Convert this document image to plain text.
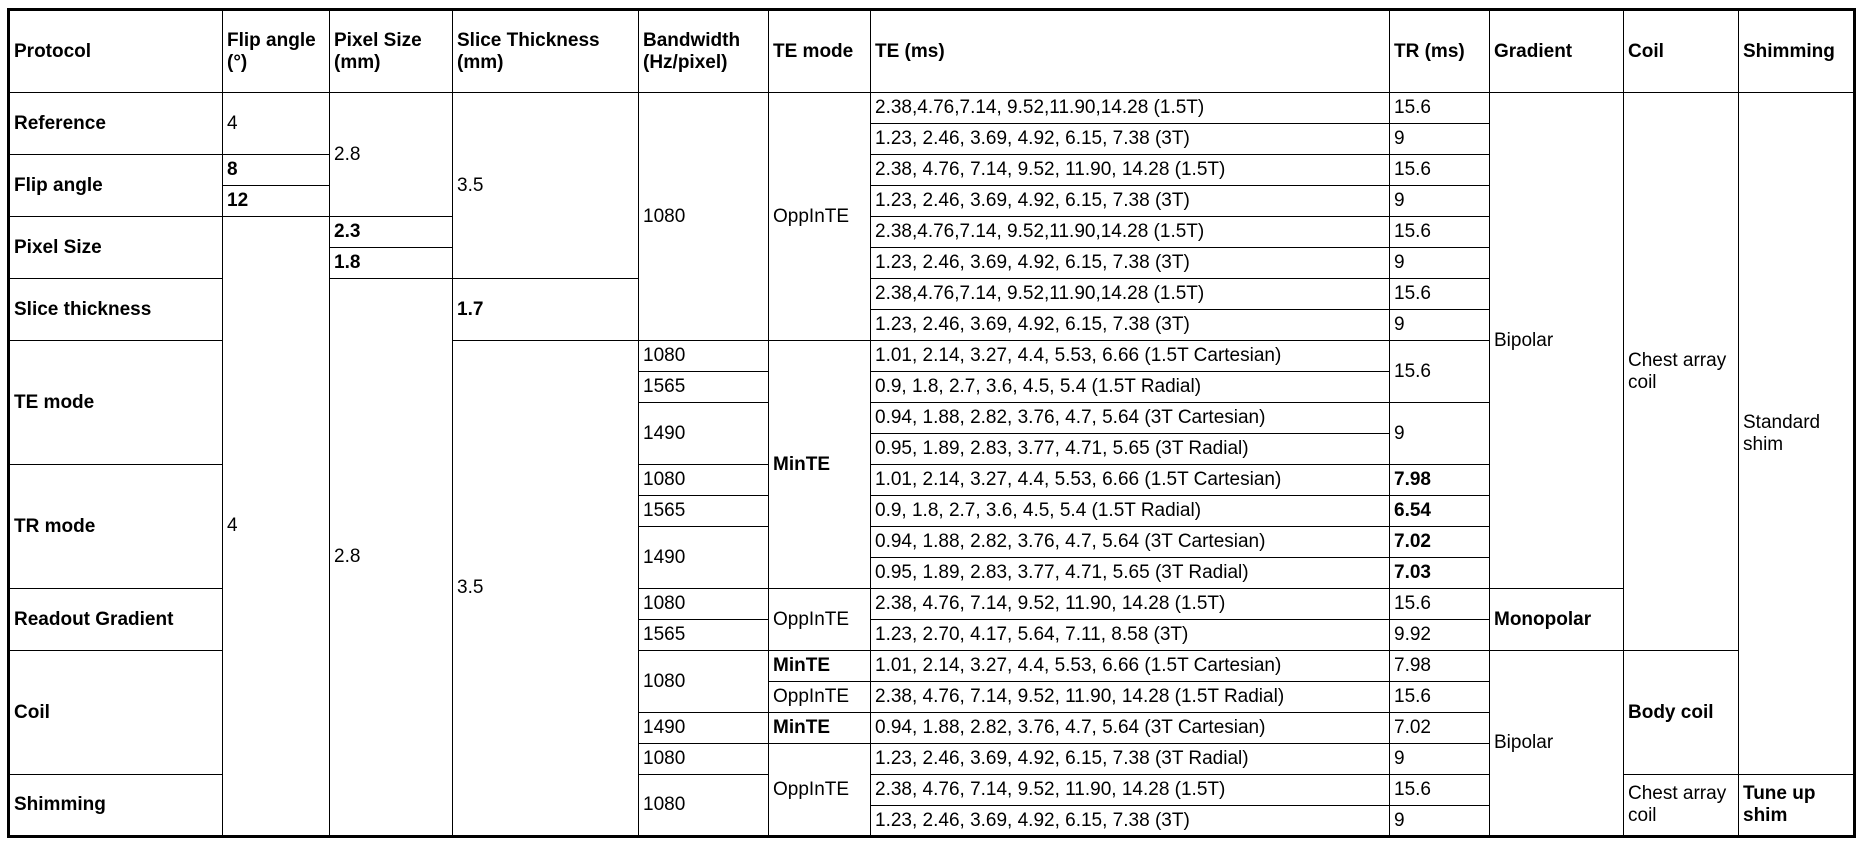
Protocol	Flip angle (°)	Pixel Size (mm)	Slice Thickness (mm)	Bandwidth (Hz/pixel)	TE mode	TE (ms)	TR (ms)	Gradient	Coil	Shimming
Reference	4	2.8	3.5	1080	OppInTE	2.38,4.76,7.14, 9.52,11.90,14.28 (1.5T)	15.6	Bipolar	Chest array coil	Standard shim
						1.23, 2.46, 3.69, 4.92, 6.15, 7.38 (3T)	9			
Flip angle	8					2.38, 4.76, 7.14, 9.52, 11.90, 14.28 (1.5T)	15.6			
	12					1.23, 2.46, 3.69, 4.92, 6.15, 7.38 (3T)	9			
Pixel Size	4	2.3				2.38,4.76,7.14, 9.52,11.90,14.28 (1.5T)	15.6			
		1.8				1.23, 2.46, 3.69, 4.92, 6.15, 7.38 (3T)	9			
Slice thickness		2.8	1.7			2.38,4.76,7.14, 9.52,11.90,14.28 (1.5T)	15.6			
						1.23, 2.46, 3.69, 4.92, 6.15, 7.38 (3T)	9			
TE mode			3.5	1080	MinTE	1.01, 2.14, 3.27, 4.4, 5.53, 6.66 (1.5T Cartesian)	15.6			
				1565		0.9, 1.8, 2.7, 3.6, 4.5, 5.4 (1.5T Radial)				
				1490		0.94, 1.88, 2.82, 3.76, 4.7, 5.64 (3T Cartesian)	9			
						0.95, 1.89, 2.83, 3.77, 4.71, 5.65 (3T Radial)				
TR mode				1080		1.01, 2.14, 3.27, 4.4, 5.53, 6.66 (1.5T Cartesian)	7.98			
				1565		0.9, 1.8, 2.7, 3.6, 4.5, 5.4 (1.5T Radial)	6.54			
				1490		0.94, 1.88, 2.82, 3.76, 4.7, 5.64 (3T Cartesian)	7.02			
						0.95, 1.89, 2.83, 3.77, 4.71, 5.65 (3T Radial)	7.03			
Readout Gradient				1080	OppInTE	2.38, 4.76, 7.14, 9.52, 11.90, 14.28 (1.5T)	15.6	Monopolar		
				1565		1.23, 2.70, 4.17, 5.64, 7.11, 8.58 (3T)	9.92			
Coil				1080	MinTE	1.01, 2.14, 3.27, 4.4, 5.53, 6.66 (1.5T Cartesian)	7.98	Bipolar	Body coil	
					OppInTE	2.38, 4.76, 7.14, 9.52, 11.90, 14.28 (1.5T Radial)	15.6			
				1490	MinTE	0.94, 1.88, 2.82, 3.76, 4.7, 5.64 (3T Cartesian)	7.02			
				1080	OppInTE	1.23, 2.46, 3.69, 4.92, 6.15, 7.38 (3T Radial)	9			
Shimming				1080		2.38, 4.76, 7.14, 9.52, 11.90, 14.28 (1.5T)	15.6		Chest array coil	Tune up shim
						1.23, 2.46, 3.69, 4.92, 6.15, 7.38 (3T)	9			
